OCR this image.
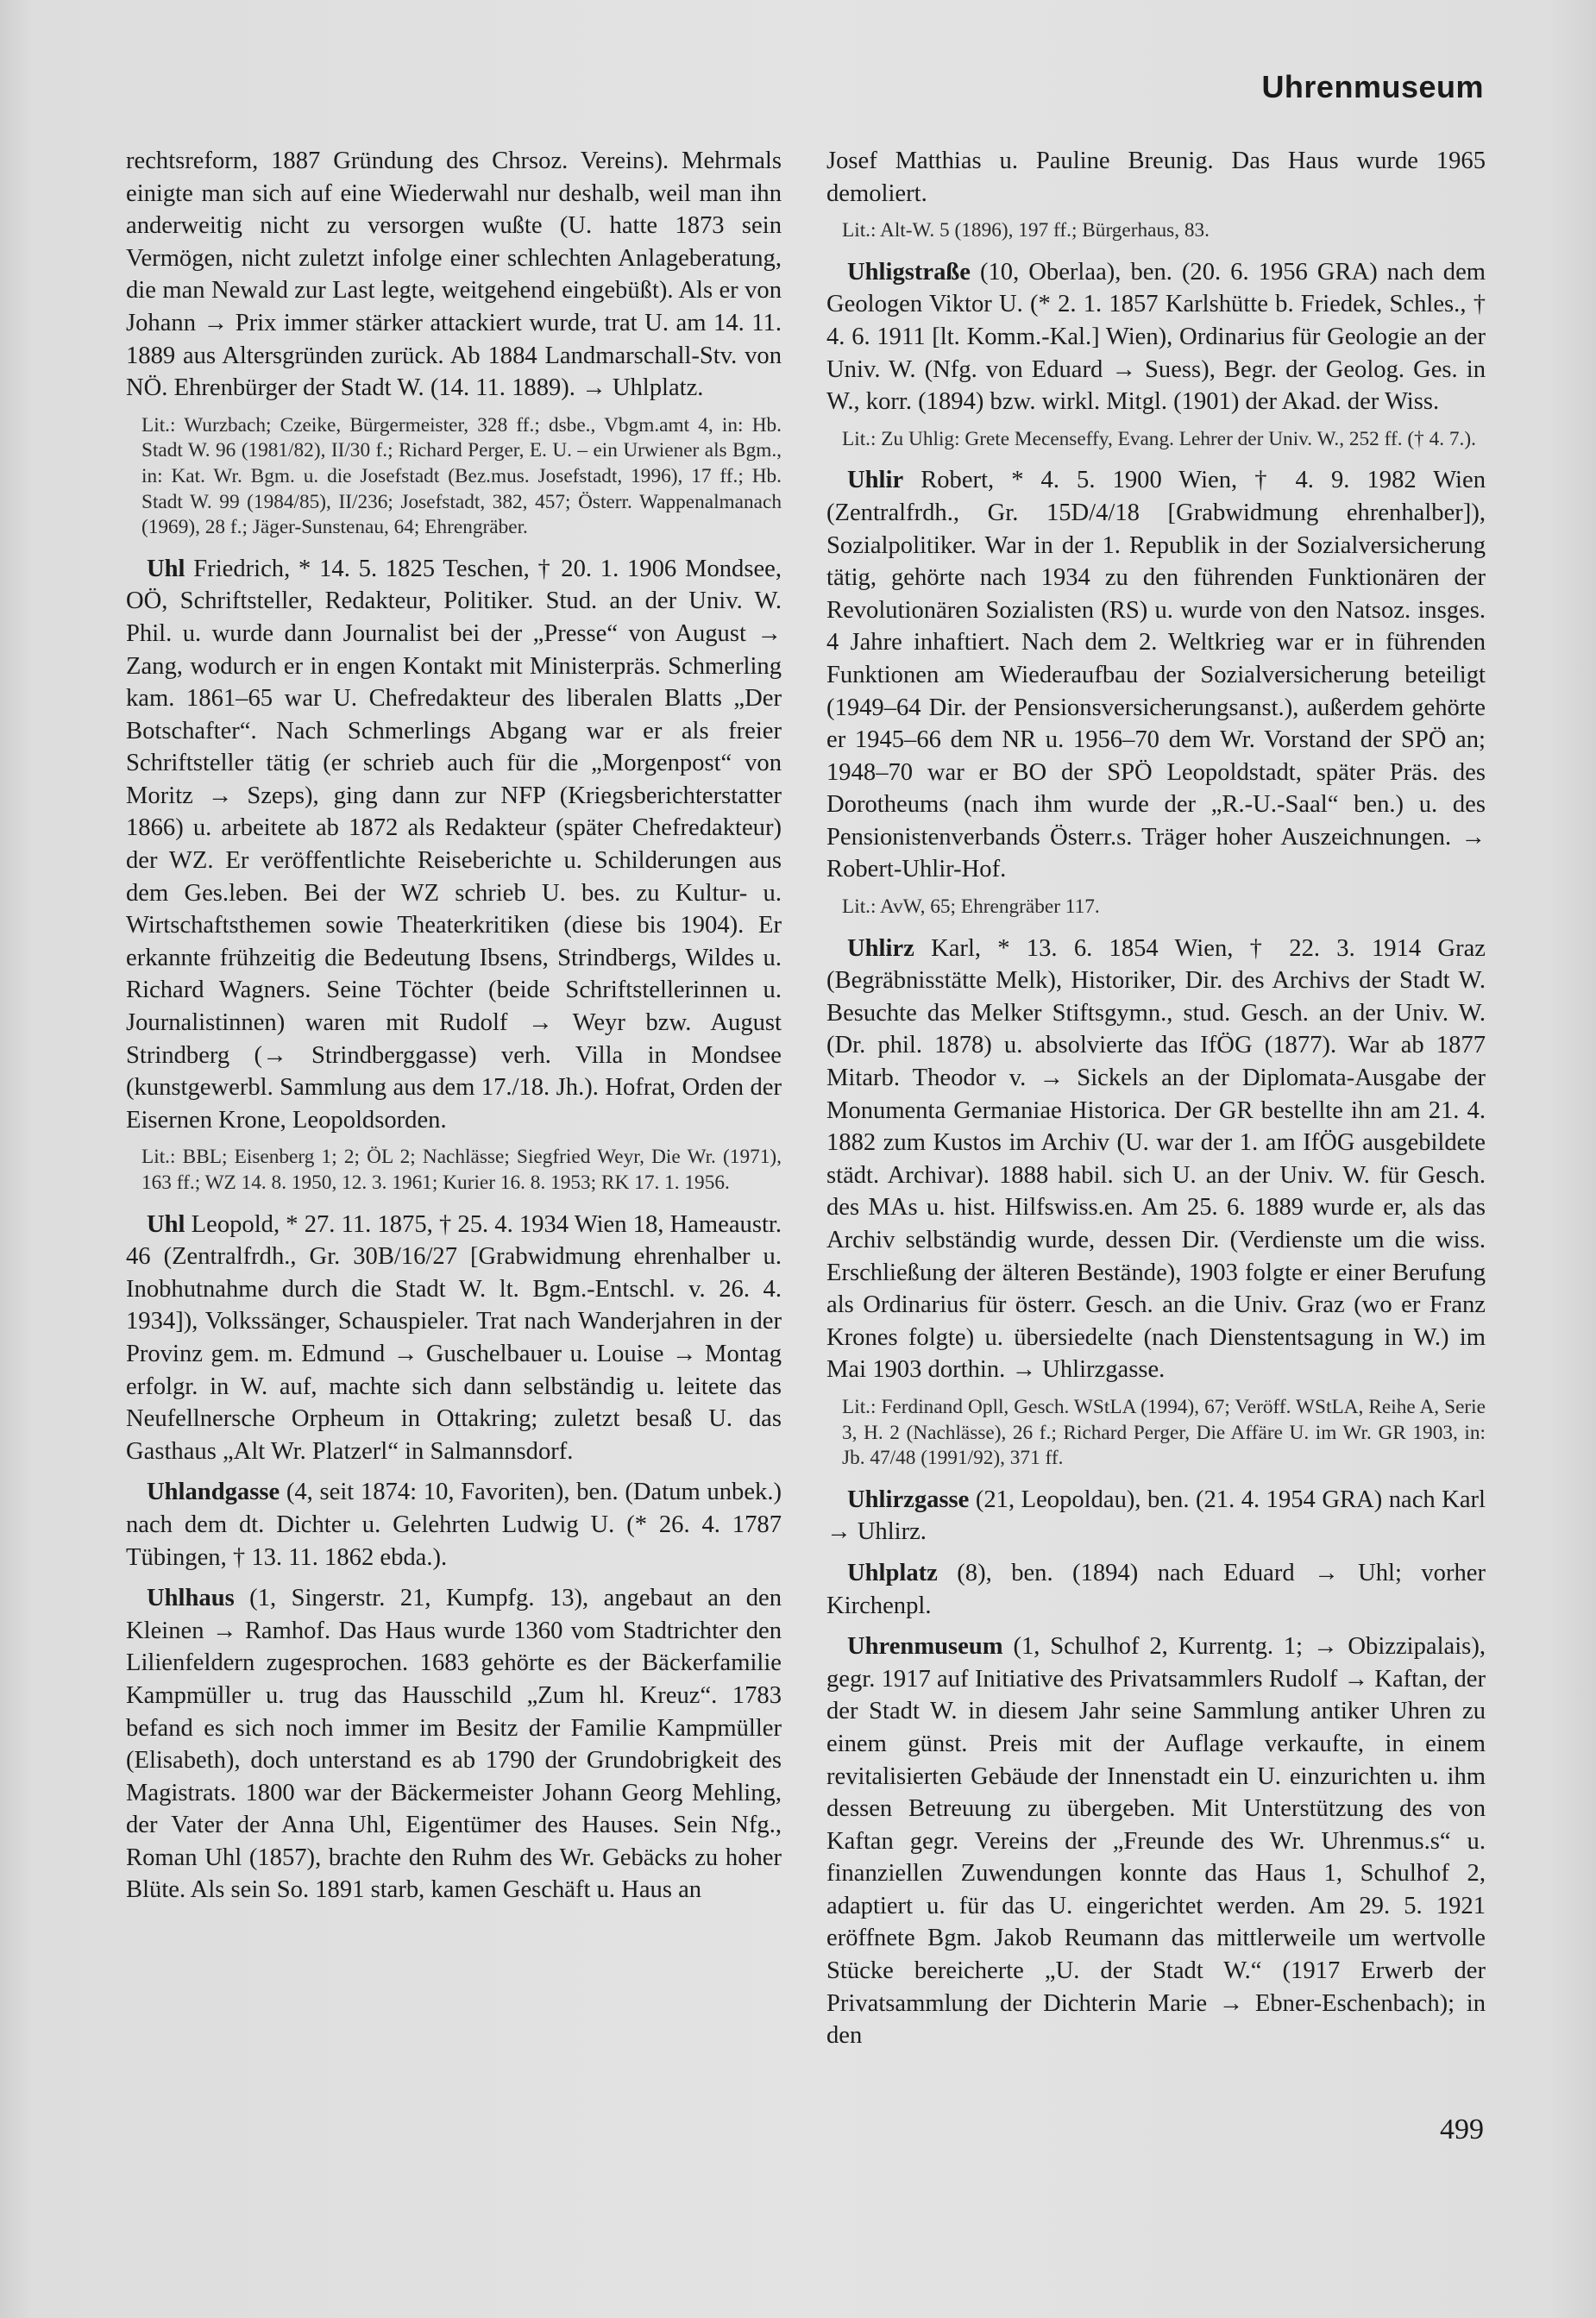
Uhrenmuseum

rechtsreform, 1887 Gründung des Chrsoz. Vereins). Mehrmals einigte man sich auf eine Wiederwahl nur deshalb, weil man ihn anderweitig nicht zu versorgen wußte (U. hatte 1873 sein Vermögen, nicht zuletzt infolge einer schlechten Anlageberatung, die man Newald zur Last legte, weitgehend eingebüßt). Als er von Johann → Prix immer stärker attackiert wurde, trat U. am 14. 11. 1889 aus Altersgründen zurück. Ab 1884 Landmarschall-Stv. von NÖ. Ehrenbürger der Stadt W. (14. 11. 1889). → Uhlplatz.

Lit.: Wurzbach; Czeike, Bürgermeister, 328 ff.; dsbe., Vbgm.amt 4, in: Hb. Stadt W. 96 (1981/82), II/30 f.; Richard Perger, E. U. – ein Urwiener als Bgm., in: Kat. Wr. Bgm. u. die Josefstadt (Bez.mus. Josefstadt, 1996), 17 ff.; Hb. Stadt W. 99 (1984/85), II/236; Josefstadt, 382, 457; Österr. Wappenalmanach (1969), 28 f.; Jäger-Sunstenau, 64; Ehrengräber.

Uhl Friedrich, * 14. 5. 1825 Teschen, † 20. 1. 1906 Mondsee, OÖ, Schriftsteller, Redakteur, Politiker. Stud. an der Univ. W. Phil. u. wurde dann Journalist bei der „Presse“ von August → Zang, wodurch er in engen Kontakt mit Ministerpräs. Schmerling kam. 1861–65 war U. Chefredakteur des liberalen Blatts „Der Botschafter“. Nach Schmerlings Abgang war er als freier Schriftsteller tätig (er schrieb auch für die „Morgenpost“ von Moritz → Szeps), ging dann zur NFP (Kriegsberichterstatter 1866) u. arbeitete ab 1872 als Redakteur (später Chefredakteur) der WZ. Er veröffentlichte Reiseberichte u. Schilderungen aus dem Ges.leben. Bei der WZ schrieb U. bes. zu Kultur- u. Wirtschaftsthemen sowie Theaterkritiken (diese bis 1904). Er erkannte frühzeitig die Bedeutung Ibsens, Strindbergs, Wildes u. Richard Wagners. Seine Töchter (beide Schriftstellerinnen u. Journalistinnen) waren mit Rudolf → Weyr bzw. August Strindberg (→ Strindberggasse) verh. Villa in Mondsee (kunstgewerbl. Sammlung aus dem 17./18. Jh.). Hofrat, Orden der Eisernen Krone, Leopoldsorden.

Lit.: BBL; Eisenberg 1; 2; ÖL 2; Nachlässe; Siegfried Weyr, Die Wr. (1971), 163 ff.; WZ 14. 8. 1950, 12. 3. 1961; Kurier 16. 8. 1953; RK 17. 1. 1956.

Uhl Leopold, * 27. 11. 1875, † 25. 4. 1934 Wien 18, Hameaustr. 46 (Zentralfrdh., Gr. 30B/16/27 [Grabwidmung ehrenhalber u. Inobhutnahme durch die Stadt W. lt. Bgm.-Entschl. v. 26. 4. 1934]), Volkssänger, Schauspieler. Trat nach Wanderjahren in der Provinz gem. m. Edmund → Guschelbauer u. Louise → Montag erfolgr. in W. auf, machte sich dann selbständig u. leitete das Neufellnersche Orpheum in Ottakring; zuletzt besaß U. das Gasthaus „Alt Wr. Platzerl“ in Salmannsdorf.

Uhlandgasse (4, seit 1874: 10, Favoriten), ben. (Datum unbek.) nach dem dt. Dichter u. Gelehrten Ludwig U. (* 26. 4. 1787 Tübingen, † 13. 11. 1862 ebda.).

Uhlhaus (1, Singerstr. 21, Kumpfg. 13), angebaut an den Kleinen → Ramhof. Das Haus wurde 1360 vom Stadtrichter den Lilienfeldern zugesprochen. 1683 gehörte es der Bäckerfamilie Kampmüller u. trug das Hausschild „Zum hl. Kreuz“. 1783 befand es sich noch immer im Besitz der Familie Kampmüller (Elisabeth), doch unterstand es ab 1790 der Grundobrigkeit des Magistrats. 1800 war der Bäckermeister Johann Georg Mehling, der Vater der Anna Uhl, Eigentümer des Hauses. Sein Nfg., Roman Uhl (1857), brachte den Ruhm des Wr. Gebäcks zu hoher Blüte. Als sein So. 1891 starb, kamen Geschäft u. Haus an

Josef Matthias u. Pauline Breunig. Das Haus wurde 1965 demoliert.

Lit.: Alt-W. 5 (1896), 197 ff.; Bürgerhaus, 83.

Uhligstraße (10, Oberlaa), ben. (20. 6. 1956 GRA) nach dem Geologen Viktor U. (* 2. 1. 1857 Karlshütte b. Friedek, Schles., † 4. 6. 1911 [lt. Komm.-Kal.] Wien), Ordinarius für Geologie an der Univ. W. (Nfg. von Eduard → Suess), Begr. der Geolog. Ges. in W., korr. (1894) bzw. wirkl. Mitgl. (1901) der Akad. der Wiss.

Lit.: Zu Uhlig: Grete Mecenseffy, Evang. Lehrer der Univ. W., 252 ff. († 4. 7.).

Uhlir Robert, * 4. 5. 1900 Wien, † 4. 9. 1982 Wien (Zentralfrdh., Gr. 15D/4/18 [Grabwidmung ehrenhalber]), Sozialpolitiker. War in der 1. Republik in der Sozialversicherung tätig, gehörte nach 1934 zu den führenden Funktionären der Revolutionären Sozialisten (RS) u. wurde von den Natsoz. insges. 4 Jahre inhaftiert. Nach dem 2. Weltkrieg war er in führenden Funktionen am Wiederaufbau der Sozialversicherung beteiligt (1949–64 Dir. der Pensionsversicherungsanst.), außerdem gehörte er 1945–66 dem NR u. 1956–70 dem Wr. Vorstand der SPÖ an; 1948–70 war er BO der SPÖ Leopoldstadt, später Präs. des Dorotheums (nach ihm wurde der „R.-U.-Saal“ ben.) u. des Pensionistenverbands Österr.s. Träger hoher Auszeichnungen. → Robert-Uhlir-Hof.

Lit.: AvW, 65; Ehrengräber 117.

Uhlirz Karl, * 13. 6. 1854 Wien, † 22. 3. 1914 Graz (Begräbnisstätte Melk), Historiker, Dir. des Archivs der Stadt W. Besuchte das Melker Stiftsgymn., stud. Gesch. an der Univ. W. (Dr. phil. 1878) u. absolvierte das IfÖG (1877). War ab 1877 Mitarb. Theodor v. → Sickels an der Diplomata-Ausgabe der Monumenta Germaniae Historica. Der GR bestellte ihn am 21. 4. 1882 zum Kustos im Archiv (U. war der 1. am IfÖG ausgebildete städt. Archivar). 1888 habil. sich U. an der Univ. W. für Gesch. des MAs u. hist. Hilfswiss.en. Am 25. 6. 1889 wurde er, als das Archiv selbständig wurde, dessen Dir. (Verdienste um die wiss. Erschließung der älteren Bestände), 1903 folgte er einer Berufung als Ordinarius für österr. Gesch. an die Univ. Graz (wo er Franz Krones folgte) u. übersiedelte (nach Dienstentsagung in W.) im Mai 1903 dorthin. → Uhlirzgasse.

Lit.: Ferdinand Opll, Gesch. WStLA (1994), 67; Veröff. WStLA, Reihe A, Serie 3, H. 2 (Nachlässe), 26 f.; Richard Perger, Die Affäre U. im Wr. GR 1903, in: Jb. 47/48 (1991/92), 371 ff.

Uhlirzgasse (21, Leopoldau), ben. (21. 4. 1954 GRA) nach Karl → Uhlirz.

Uhlplatz (8), ben. (1894) nach Eduard → Uhl; vorher Kirchenpl.

Uhrenmuseum (1, Schulhof 2, Kurrentg. 1; → Obizzipalais), gegr. 1917 auf Initiative des Privatsammlers Rudolf → Kaftan, der der Stadt W. in diesem Jahr seine Sammlung antiker Uhren zu einem günst. Preis mit der Auflage verkaufte, in einem revitalisierten Gebäude der Innenstadt ein U. einzurichten u. ihm dessen Betreuung zu übergeben. Mit Unterstützung des von Kaftan gegr. Vereins der „Freunde des Wr. Uhrenmus.s“ u. finanziellen Zuwendungen konnte das Haus 1, Schulhof 2, adaptiert u. für das U. eingerichtet werden. Am 29. 5. 1921 eröffnete Bgm. Jakob Reumann das mittlerweile um wertvolle Stücke bereicherte „U. der Stadt W.“ (1917 Erwerb der Privatsammlung der Dichterin Marie → Ebner-Eschenbach); in den

499
